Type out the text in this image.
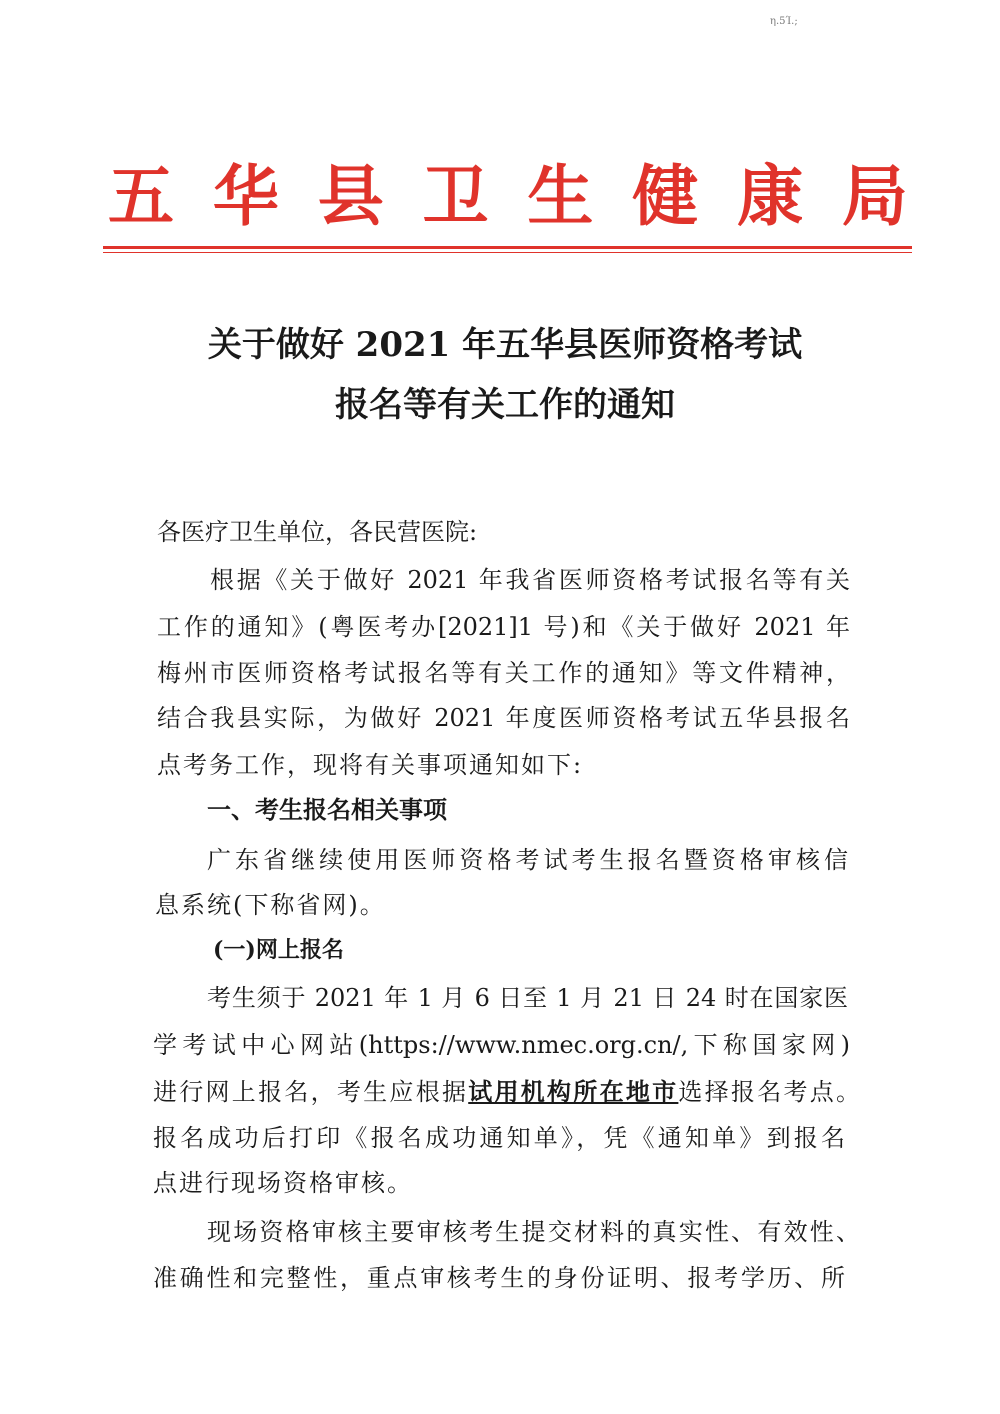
η.5Ί.;
五 华 县 卫 生 健 康 局
关于做好 2021 年五华县医师资格考试
报名等有关工作的通知
各医疗卫生单位，各民营医院:
根据《关于做好 2021 年我省医师资格考试报名等有关
工作的通知》(粤医考办[2021]1 号)和《关于做好 2021 年
梅州市医师资格考试报名等有关工作的通知》等文件精神，
结合我县实际，为做好 2021 年度医师资格考试五华县报名
点考务工作，现将有关事项通知如下:
一、考生报名相关事项
广东省继续使用医师资格考试考生报名暨资格审核信
息系统(下称省网)。
(一)网上报名
考生须于 2021 年 1 月 6 日至 1 月 21 日 24 时在国家医
学考试中心网站(https://www.nmec.org.cn/,下称国家网)
进行网上报名，考生应根据试用机构所在地市选择报名考点。
报名成功后打印《报名成功通知单》，凭《通知单》到报名
点进行现场资格审核。
现场资格审核主要审核考生提交材料的真实性、有效性、
准确性和完整性，重点审核考生的身份证明、报考学历、所
